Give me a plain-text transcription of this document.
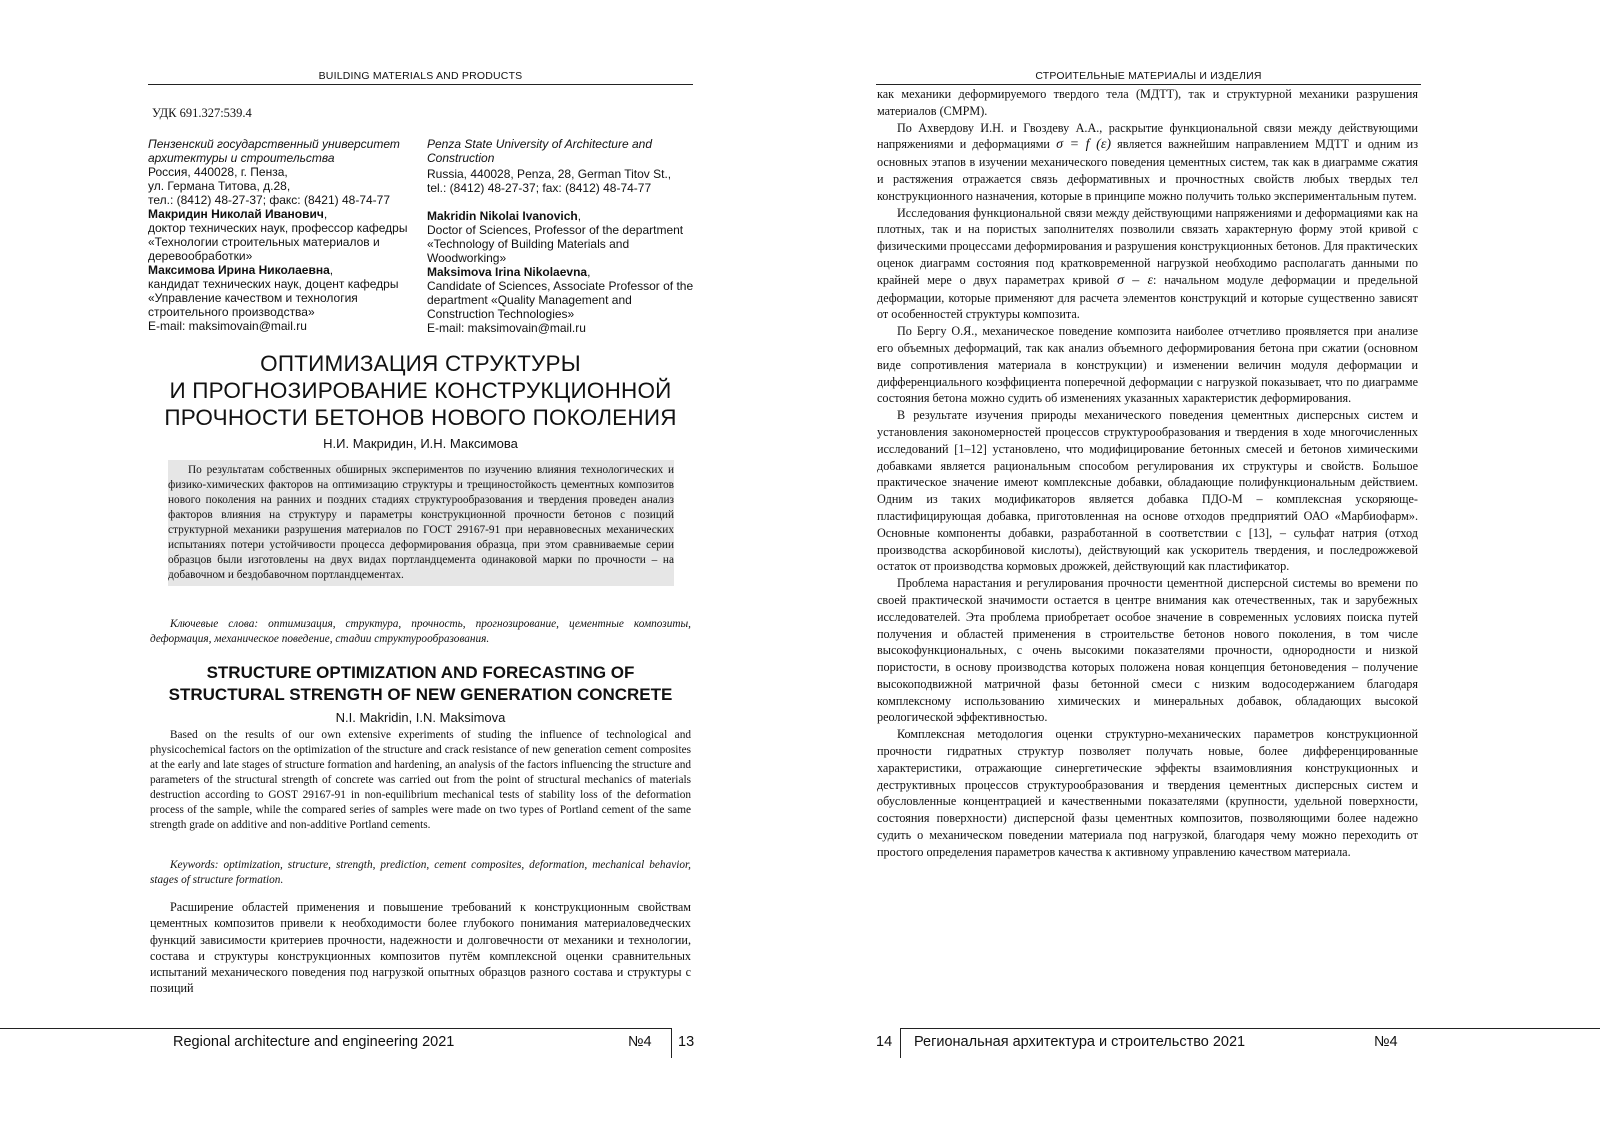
BUILDING MATERIALS AND PRODUCTS
УДК 691.327:539.4

Пензенский государственный университет архитектуры и строительства

Россия, 440028, г. Пенза,

ул. Германа Титова, д.28,

тел.: (8412) 48-27-37; факс: (8421) 48-74-77

Макридин Николай Иванович,

доктор технических наук, профессор кафедры «Технологии строительных материалов и деревообработки»

Максимова Ирина Николаевна,

кандидат технических наук, доцент кафедры «Управление качеством и технология строительного производства»

E-mail: maksimovain@mail.ru

Penza State University of Architecture and Construction

Russia, 440028, Penza, 28, German Titov St.,

tel.: (8412) 48-27-37; fax: (8412) 48-74-77

Makridin Nikolai Ivanovich,

Doctor of Sciences, Professor of the department «Technology of Building Materials and Woodworking»

Maksimova Irina Nikolaevna,

Candidate of Sciences, Associate Professor of the department «Quality Management and Construction Technologies»

E-mail: maksimovain@mail.ru

ОПТИМИЗАЦИЯ СТРУКТУРЫ
И ПРОГНОЗИРОВАНИЕ КОНСТРУКЦИОННОЙ
ПРОЧНОСТИ БЕТОНОВ НОВОГО ПОКОЛЕНИЯ
Н.И. Макридин, И.Н. Максимова

По результатам собственных обширных экспериментов по изучению влияния технологических и физико-химических факторов на оптимизацию структуры и трещиностойкость цементных композитов нового поколения на ранних и поздних стадиях структурообразования и твердения проведен анализ факторов влияния на структуру и параметры конструкционной прочности бетонов с позиций структурной механики разрушения материалов по ГОСТ 29167-91 при неравновесных механических испытаниях потери устойчивости процесса деформирования образца, при этом сравниваемые серии образцов были изготовлены на двух видах портландцемента одинаковой марки по прочности – на добавочном и бездобавочном портландцементах.

Ключевые слова: оптимизация, структура, прочность, прогнозирование, цементные композиты, деформация, механическое поведение, стадии структурообразования.

STRUCTURE OPTIMIZATION AND FORECASTING OF
STRUCTURAL STRENGTH OF NEW GENERATION CONCRETE
N.I. Makridin, I.N. Maksimova

Based on the results of our own extensive experiments of studing the influence of technological and physicochemical factors on the optimization of the structure and crack resistance of new generation cement composites at the early and late stages of structure formation and hardening, an analysis of the factors influencing the structure and parameters of the structural strength of concrete was carried out from the point of structural mechanics of materials destruction according to GOST 29167-91 in non-equilibrium mechanical tests of stability loss of the deformation process of the sample, while the compared series of samples were made on two types of Portland cement of the same strength grade on additive and non-additive Portland cements.

Keywords: optimization, structure, strength, prediction, cement composites, deformation, mechanical behavior, stages of structure formation.

Расширение областей применения и повышение требований к конструкционным свойствам цементных композитов привели к необходимости более глубокого понимания материаловедческих функций зависимости критериев прочности, надежности и долговечности от механики и технологии, состава и структуры конструкционных композитов путём комплексной оценки сравнительных испытаний механического поведения под нагрузкой опытных образцов разного состава и структуры с позиций

Regional architecture and engineering 2021	№4 13
СТРОИТЕЛЬНЫЕ МАТЕРИАЛЫ И ИЗДЕЛИЯ

как механики деформируемого твердого тела (МДТТ), так и структурной механики разрушения материалов (СМРМ).

По Ахвердову И.Н. и Гвоздеву А.А., раскрытие функциональной связи между действующими напряжениями и деформациями σ = f (ε) является важнейшим направлением МДТТ и одним из основных этапов в изучении механического поведения цементных систем, так как в диаграмме сжатия и растяжения отражается связь деформативных и прочностных свойств любых твердых тел конструкционного назначения, которые в принципе можно получить только экспериментальным путем.

Исследования функциональной связи между действующими напряжениями и деформациями как на плотных, так и на пористых заполнителях позволили связать характерную форму этой кривой с физическими процессами деформирования и разрушения конструкционных бетонов. Для практических оценок диаграмм состояния под кратковременной нагрузкой необходимо располагать данными по крайней мере о двух параметрах кривой σ – ε: начальном модуле деформации и предельной деформации, которые применяют для расчета элементов конструкций и которые существенно зависят от особенностей структуры композита.

По Бергу О.Я., механическое поведение композита наиболее отчетливо проявляется при анализе его объемных деформаций, так как анализ объемного деформирования бетона при сжатии (основном виде сопротивления материала в конструкции) и изменении величин модуля деформации и дифференциального коэффициента поперечной деформации с нагрузкой показывает, что по диаграмме состояния бетона можно судить об изменениях указанных характеристик деформирования.

В результате изучения природы механического поведения цементных дисперсных систем и установления закономерностей процессов структурообразования и твердения в ходе многочисленных исследований [1–12] установлено, что модифицирование бетонных смесей и бетонов химическими добавками является рациональным способом регулирования их структуры и свойств. Большое практическое значение имеют комплексные добавки, обладающие полифункциональным действием. Одним из таких модификаторов является добавка ПДО-М – комплексная ускоряюще-пластифицирующая добавка, приготовленная на основе отходов предприятий ОАО «Марбиофарм». Основные компоненты добавки, разработанной в соответствии с [13], – сульфат натрия (отход производства аскорбиновой кислоты), действующий как ускоритель твердения, и последрожжевой остаток от производства кормовых дрожжей, действующий как пластификатор.

Проблема нарастания и регулирования прочности цементной дисперсной системы во времени по своей практической значимости остается в центре внимания как отечественных, так и зарубежных исследователей. Эта проблема приобретает особое значение в современных условиях поиска путей получения и областей применения в строительстве бетонов нового поколения, в том числе высокофункциональных, с очень высокими показателями прочности, однородности и низкой пористости, в основу производства которых положена новая концепция бетоноведения – получение высокоподвижной матричной фазы бетонной смеси с низким водосодержанием благодаря комплексному использованию химических и минеральных добавок, обладающих высокой реологической эффективностью.

Комплексная методология оценки структурно-механических параметров конструкционной прочности гидратных структур позволяет получать новые, более дифференцированные характеристики, отражающие синергетические эффекты взаимовлияния конструкционных и деструктивных процессов структурообразования и твердения цементных дисперсных систем и обусловленные концентрацией и качественными показателями (крупности, удельной поверхности, состояния поверхности) дисперсной фазы цементных композитов, позволяющими более надежно судить о механическом поведении материала под нагрузкой, благодаря чему можно переходить от простого определения параметров качества к активному управлению качеством материала.

14 Региональная архитектура и строительство 2021	№4
